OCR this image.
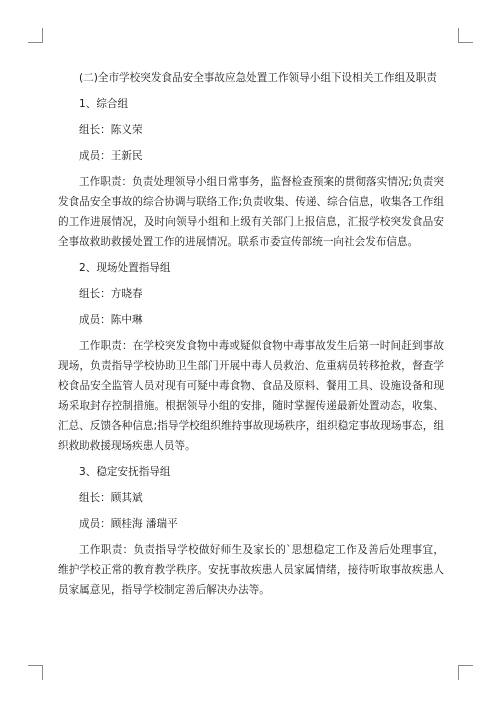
(二)全市学校突发食品安全事故应急处置工作领导小组下设相关工作组及职责

1、综合组

组长：陈义荣

成员：王新民

工作职责：负责处理领导小组日常事务，监督检查预案的贯彻落实情况;负责突发食品安全事故的综合协调与联络工作;负责收集、传递、综合信息，收集各工作组的工作进展情况，及时向领导小组和上级有关部门上报信息，汇报学校突发食品安全事故救助救援处置工作的进展情况。联系市委宣传部统一向社会发布信息。

2、现场处置指导组

组长：方晓春

成员：陈中琳

工作职责：在学校突发食物中毒或疑似食物中毒事故发生后第一时间赶到事故现场，负责指导学校协助卫生部门开展中毒人员救治、危重病员转移抢救，督查学校食品安全监管人员对现有可疑中毒食物、食品及原料、餐用工具、设施设备和现场采取封存控制措施。根据领导小组的安排，随时掌握传递最新处置动态，收集、汇总、反馈各种信息;指导学校组织维持事故现场秩序，组织稳定事故现场事态，组织救助救援现场疾患人员等。

3、稳定安抚指导组

组长：顾其斌

成员：顾桂海 潘瑞平

工作职责：负责指导学校做好师生及家长的`思想稳定工作及善后处理事宜，维护学校正常的教育教学秩序。安抚事故疾患人员家属情绪，接待听取事故疾患人员家属意见，指导学校制定善后解决办法等。
